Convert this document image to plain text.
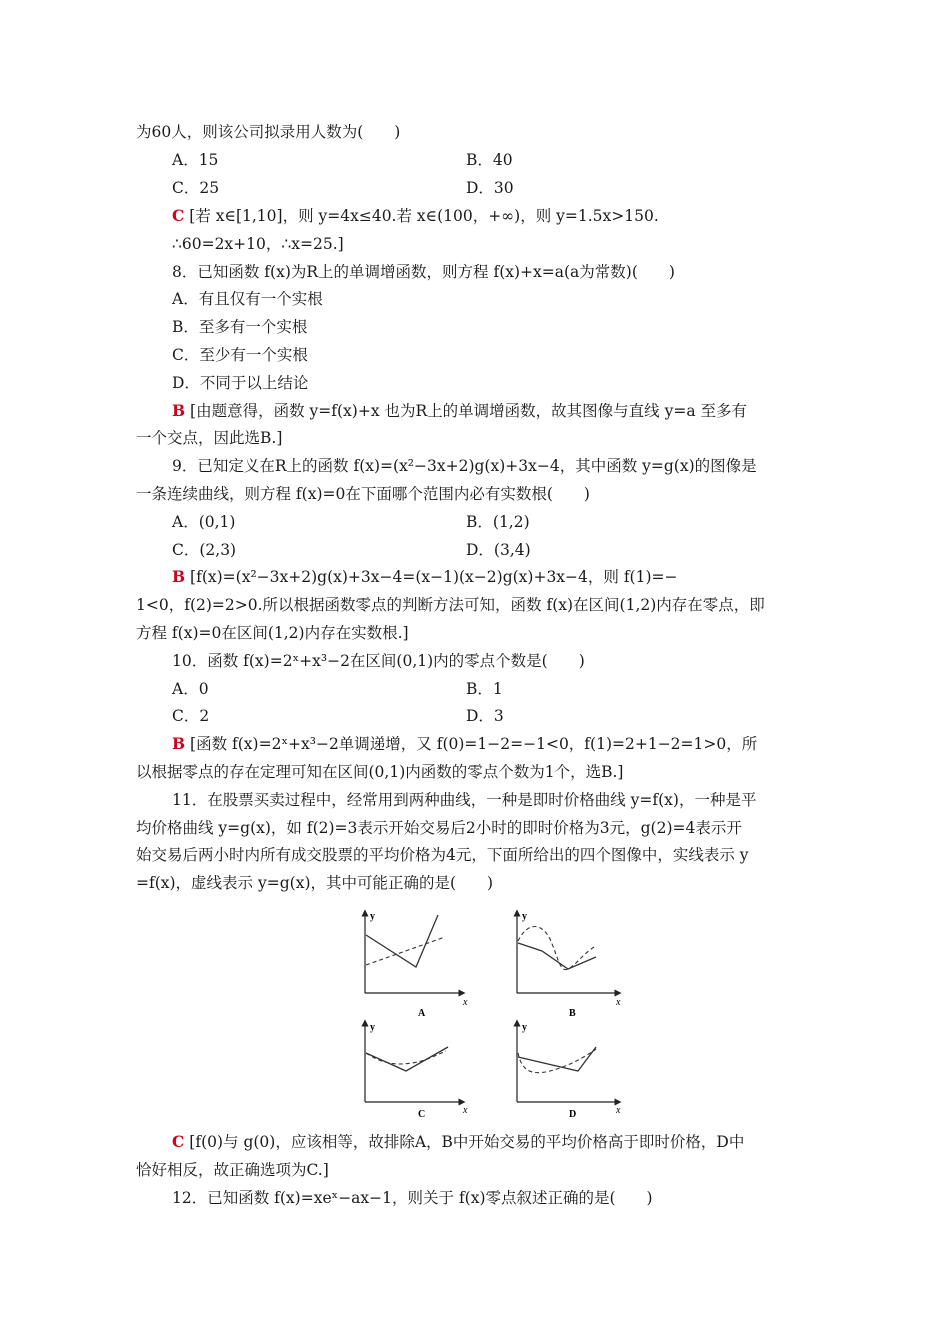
为60人，则该公司拟录用人数为(　　)
A．15	B．40
C．25	D．30
C [若 x∈[1,10]，则 y=4x≤40.若 x∈(100，+∞)，则 y=1.5x>150.
∴60=2x+10，∴x=25.]
8．已知函数 f(x)为R上的单调增函数，则方程 f(x)+x=a(a为常数)(　　)
A．有且仅有一个实根
B．至多有一个实根
C．至少有一个实根
D．不同于以上结论
B [由题意得，函数 y=f(x)+x 也为R上的单调增函数，故其图像与直线 y=a 至多有
一个交点，因此选B.]
9．已知定义在R上的函数 f(x)=(x²−3x+2)g(x)+3x−4，其中函数 y=g(x)的图像是
一条连续曲线，则方程 f(x)=0在下面哪个范围内必有实数根(　　)
A．(0,1)	B．(1,2)
C．(2,3)	D．(3,4)
B [f(x)=(x²−3x+2)g(x)+3x−4=(x−1)(x−2)g(x)+3x−4，则 f(1)=−
1<0，f(2)=2>0.所以根据函数零点的判断方法可知，函数 f(x)在区间(1,2)内存在零点，即
方程 f(x)=0在区间(1,2)内存在实数根.]
10．函数 f(x)=2ˣ+x³−2在区间(0,1)内的零点个数是(　　)
A．0	B．1
C．2	D．3
B [函数 f(x)=2ˣ+x³−2单调递增，又 f(0)=1−2=−1<0，f(1)=2+1−2=1>0，所
以根据零点的存在定理可知在区间(0,1)内函数的零点个数为1个，选B.]
11．在股票买卖过程中，经常用到两种曲线，一种是即时价格曲线 y=f(x)，一种是平
均价格曲线 y=g(x)，如 f(2)=3表示开始交易后2小时的即时价格为3元，g(2)=4表示开
始交易后两小时内所有成交股票的平均价格为4元，下面所给出的四个图像中，实线表示 y
=f(x)，虚线表示 y=g(x)，其中可能正确的是(　　)
y
x
A
y
x
B
y
x
C
y
x
D
C [f(0)与 g(0)，应该相等，故排除A，B中开始交易的平均价格高于即时价格，D中
恰好相反，故正确选项为C.]
12．已知函数 f(x)=xeˣ−ax−1，则关于 f(x)零点叙述正确的是(　　)
